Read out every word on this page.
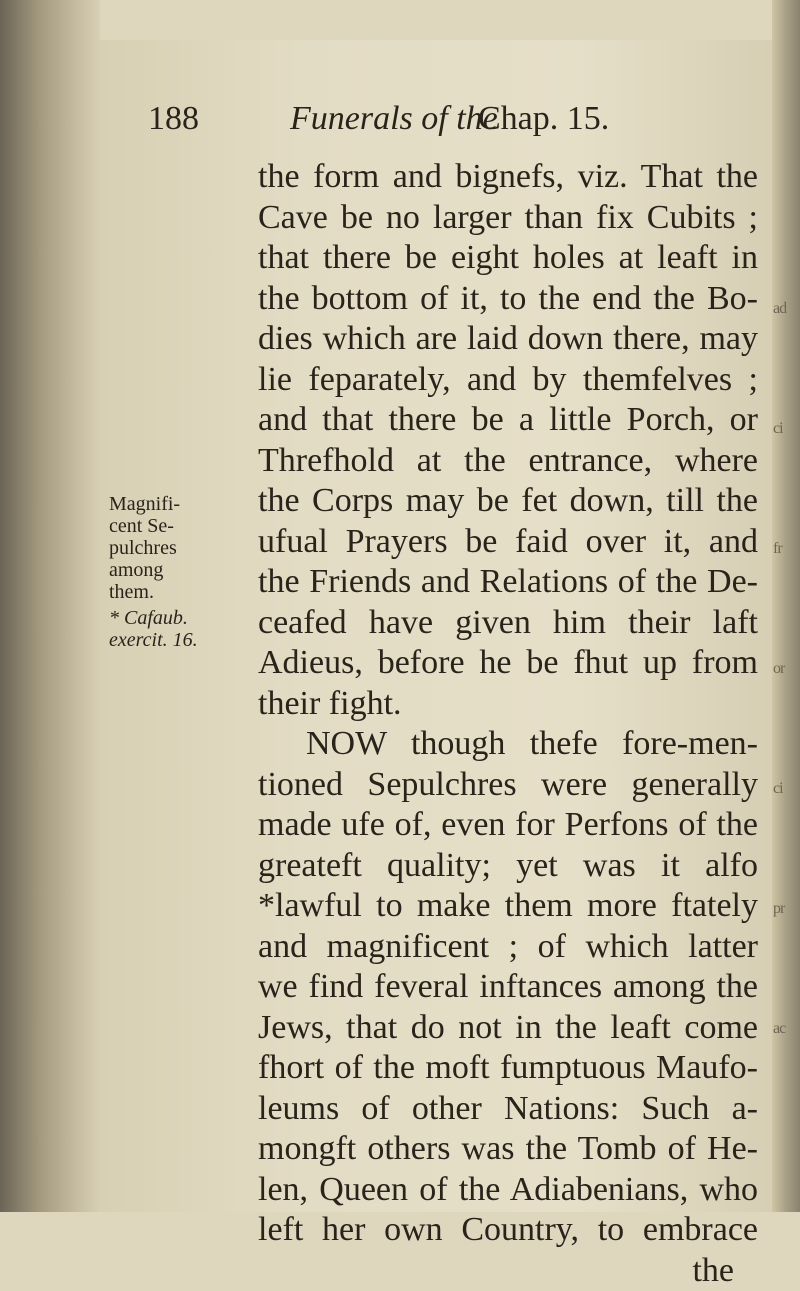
ad
ci
fr
or
ci
pr
ac
188	Funerals of the
Chap. 15.
the form and bignefs, viz. That the
Cave be no larger than fix Cubits ;
that there be eight holes at leaft in
the bottom of it, to the end the Bo-
dies which are laid down there, may
lie feparately, and by themfelves ;
and that there be a little Porch, or
Threfhold at the entrance, where
the Corps may be fet down, till the
ufual Prayers be faid over it, and
the Friends and Relations of the De-
ceafed have given him their laft
Adieus, before he be fhut up from
their fight.
NOW though thefe fore-men-
tioned Sepulchres were generally
made ufe of, even for Perfons of the
greateft quality; yet was it alfo
*lawful to make them more ftately
and magnificent ; of which latter
we find feveral inftances among the
Jews, that do not in the leaft come
fhort of the moft fumptuous Maufo-
leums of other Nations: Such a-
mongft others was the Tomb of He-
len, Queen of the Adiabenians, who
left her own Country, to embrace
the
Magnifi-
cent Se-
pulchres
among
them.
* Cafaub.
exercit. 16.
